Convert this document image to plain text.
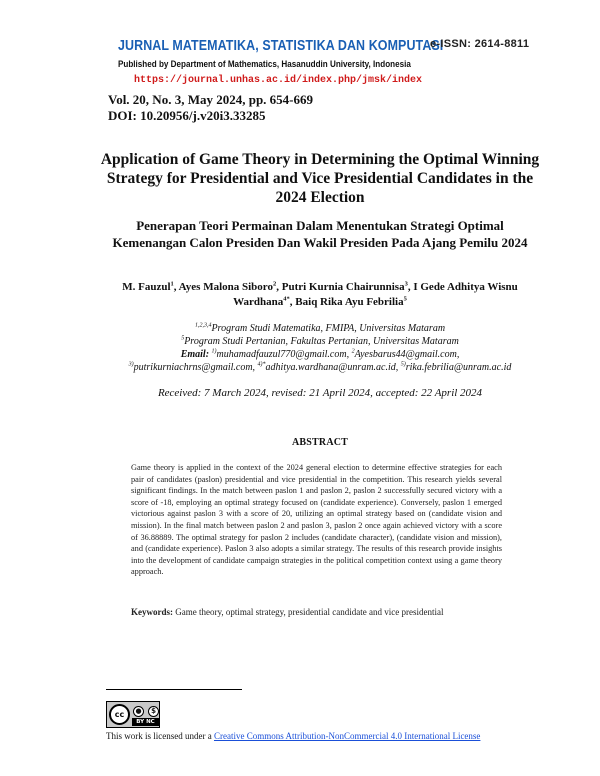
JURNAL MATEMATIKA, STATISTIKA DAN KOMPUTASI
e-ISSN: 2614-8811
Published by Department of Mathematics, Hasanuddin University, Indonesia
https://journal.unhas.ac.id/index.php/jmsk/index
Vol. 20, No. 3, May 2024, pp. 654-669
DOI: 10.20956/j.v20i3.33285
Application of Game Theory in Determining the Optimal Winning Strategy for Presidential and Vice Presidential Candidates in the 2024 Election
Penerapan Teori Permainan Dalam Menentukan Strategi Optimal Kemenangan Calon Presiden Dan Wakil Presiden Pada Ajang Pemilu 2024
M. Fauzul$^1$, Ayes Malona Siboro$^2$, Putri Kurnia Chairunnisa$^3$, I Gede Adhitya Wisnu Wardhana$^{4*}$, Baiq Rika Ayu Febrilia$^5$
$^{1,2,3,4}$Program Studi Matematika, FMIPA, Universitas Mataram
$^5$Program Studi Pertanian, Fakultas Pertanian, Universitas Mataram
Email: $^{1)}$muhamadfauzul770@gmail.com, $^2$Ayesbarus44@gmail.com,
$^{3)}$putrikurniachrns@gmail.com, $^{4)*}$adhitya.wardhana@unram.ac.id, $^{5)}$rika.febrilia@unram.ac.id
Received: 7 March 2024, revised: 21 April 2024, accepted: 22 April 2024
ABSTRACT
Game theory is applied in the context of the 2024 general election to determine effective strategies for each pair of candidates (paslon) presidential and vice presidential in the competition. This research yields several significant findings. In the match between paslon 1 and paslon 2, paslon 2 successfully secured victory with a score of -18, employing an optimal strategy focused on (candidate experience). Conversely, paslon 1 emerged victorious against paslon 3 with a score of 20, utilizing an optimal strategy based on (candidate vision and mission). In the final match between paslon 2 and paslon 3, paslon 2 once again achieved victory with a score of 36.88889. The optimal strategy for paslon 2 includes (candidate character), (candidate vision and mission), and (candidate experience). Paslon 3 also adopts a similar strategy. The results of this research provide insights into the development of candidate campaign strategies in the political competition context using a game theory approach.
Keywords: Game theory, optimal strategy, presidential candidate and vice presidential
cc	●	$
BY NC
This work is licensed under a Creative Commons Attribution-NonCommercial 4.0 International License
